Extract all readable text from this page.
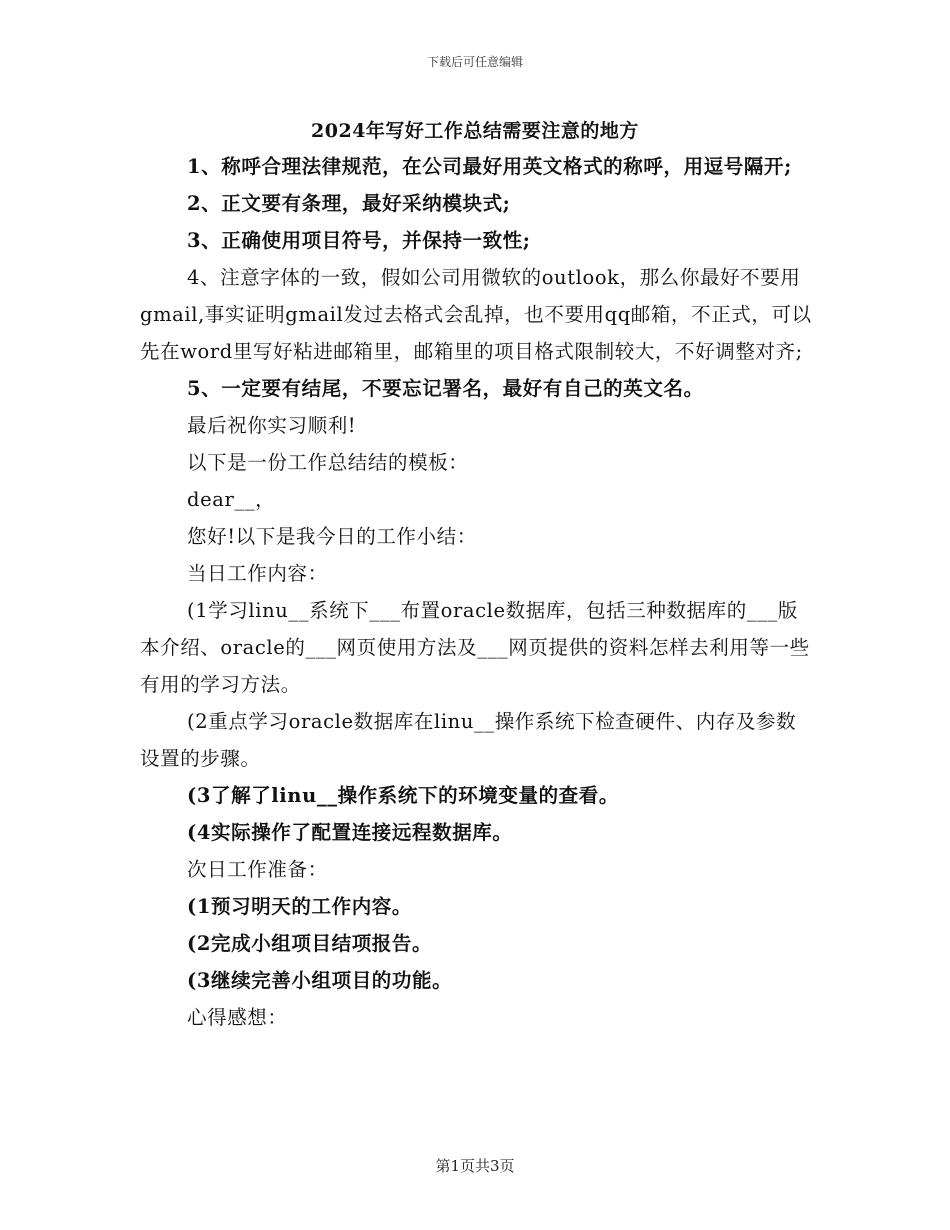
下载后可任意编辑
2024年写好工作总结需要注意的地方

1、称呼合理法律规范，在公司最好用英文格式的称呼，用逗号隔开;

2、正文要有条理，最好采纳模块式;

3、正确使用项目符号，并保持一致性;

4、注意字体的一致，假如公司用微软的outlook，那么你最好不要用gmail,事实证明gmail发过去格式会乱掉，也不要用qq邮箱，不正式，可以先在word里写好粘进邮箱里，邮箱里的项目格式限制较大，不好调整对齐;

5、一定要有结尾，不要忘记署名，最好有自己的英文名。

最后祝你实习顺利!

以下是一份工作总结结的模板：

dear__，

您好!以下是我今日的工作小结：

当日工作内容：

(1学习linu__系统下___布置oracle数据库，包括三种数据库的___版本介绍、oracle的___网页使用方法及___网页提供的资料怎样去利用等一些有用的学习方法。

(2重点学习oracle数据库在linu__操作系统下检查硬件、内存及参数设置的步骤。

(3了解了linu__操作系统下的环境变量的查看。

(4实际操作了配置连接远程数据库。

次日工作准备：

(1预习明天的工作内容。

(2完成小组项目结项报告。

(3继续完善小组项目的功能。

心得感想：

第1页共3页
